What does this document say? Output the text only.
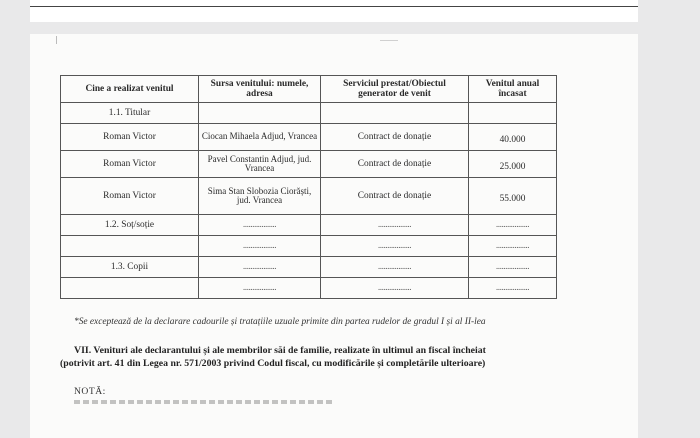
Cine a realizat venitul	Sursa venitului: numele, adresa	Serviciul prestat/Obiectul generator de venit	Venitul anual încasat
1.1. Titular			
Roman Victor	Ciocan Mihaela Adjud, Vrancea	Contract de donație	40.000
Roman Victor	Pavel Constantin Adjud, jud. Vrancea	Contract de donație	25.000
Roman Victor	Sima Stan Slobozia Ciorăști, jud. Vrancea	Contract de donație	55.000
1.2. Soț/soție	..................	..................	..................
	..................	..................	..................
1.3. Copii	..................	..................	..................
	..................	..................	..................
*Se exceptează de la declarare cadourile și tratațiile uzuale primite din partea rudelor de gradul I și al II-lea
VII. Venituri ale declarantului și ale membrilor săi de familie, realizate în ultimul an fiscal încheiat
(potrivit art. 41 din Legea nr. 571/2003 privind Codul fiscal, cu modificările și completările ulterioare)
NOTĂ:
